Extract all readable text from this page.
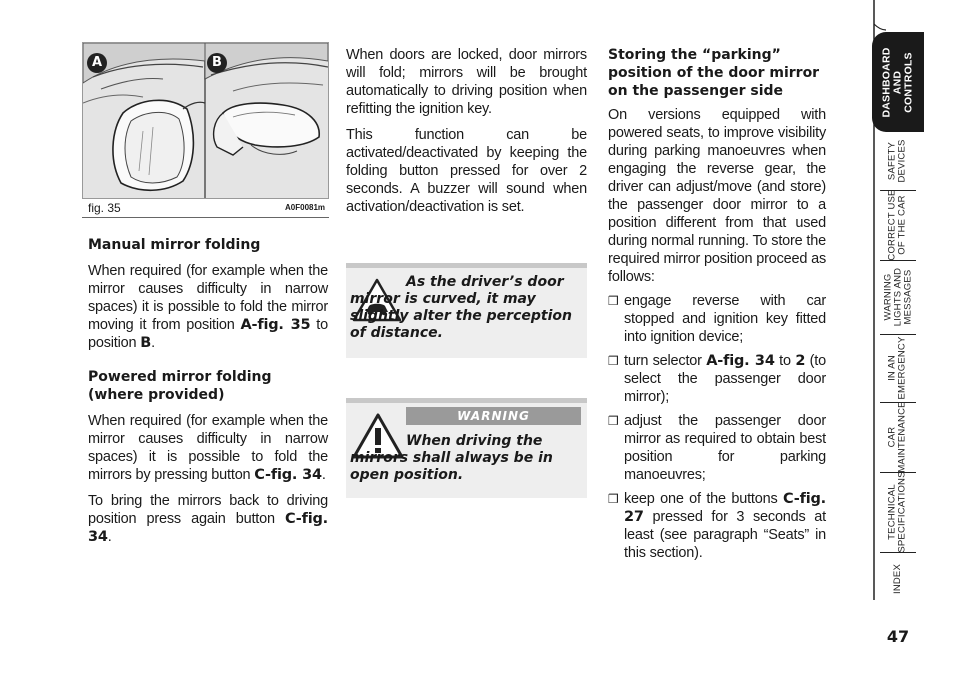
A	B
fig. 35	A0F0081m

Manual mirror folding

When required (for example when the mirror causes difficulty in narrow spaces) it is possible to fold the mirror moving it from position A-fig. 35 to position B.

Powered mirror folding
(where provided)

When required (for example when the mirror causes difficulty in narrow spaces) it is possible to fold the mirrors by pressing button C-fig. 34.

To bring the mirrors back to driving position press again button C-fig. 34.

When doors are locked, door mirrors will fold; mirrors will be brought automatically to driving position when refitting the ignition key.

This function can be activated/deactivated by keeping the folding button pressed for over 2 seconds. A buzzer will sound when activation/deactivation is set.

As the driver’s door mirror is curved, it may slightly alter the perception of distance.
WARNING
When driving the mirrors shall always be in open position.

Storing the “parking”
position of the door mirror
on the passenger side

On versions equipped with powered seats, to improve visibility during parking manoeuvres when engaging the reverse gear, the driver can adjust/move (and store) the passenger door mirror to a position different from that used during normal running. To store the required mirror position proceed as follows:

❒ engage reverse with car stopped and ignition key fitted into ignition device;

❒ turn selector A-fig. 34 to 2 (to select the passenger door mirror);

❒ adjust the passenger door mirror as required to obtain best position for parking manoeuvres;

❒ keep one of the buttons C-fig. 27 pressed for 3 seconds at least (see paragraph “Seats” in this section).

DASHBOARD
AND
CONTROLS
SAFETY
DEVICES
CORRECT USE
OF THE CAR
WARNING
LIGHTS AND
MESSAGES
IN AN
EMERGENCY
CAR
MAINTENANCE
TECHNICAL
SPECIFICATIONS
INDEX
47
